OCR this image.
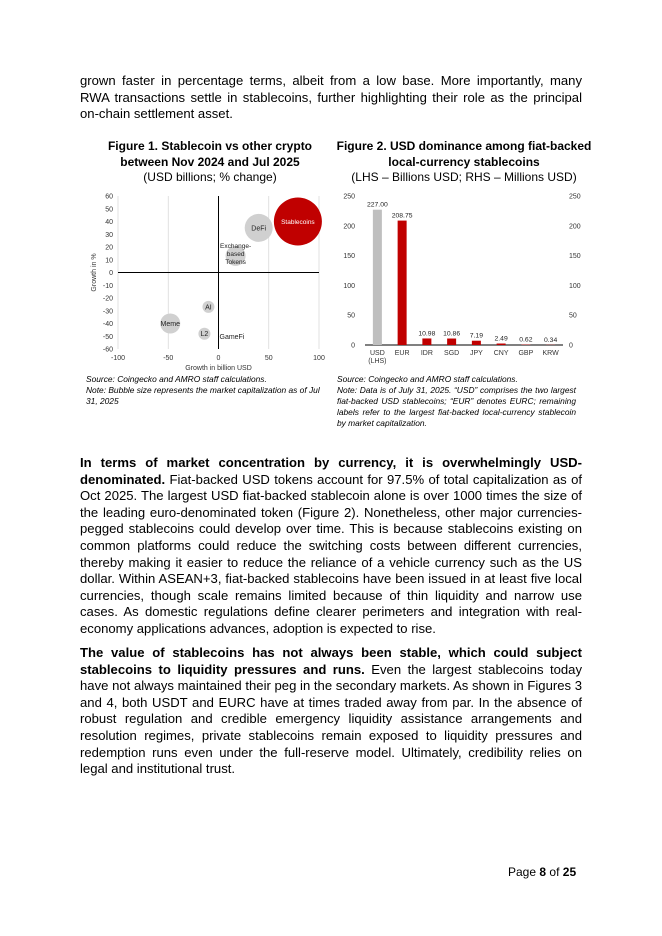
grown faster in percentage terms, albeit from a low base. More importantly, many RWA transactions settle in stablecoins, further highlighting their role as the principal on-chain settlement asset.

Figure 1. Stablecoin vs other crypto between Nov 2024 and Jul 2025
(USD billions; % change)
Figure 2. USD dominance among fiat-backed local-currency stablecoins
(LHS – Billions USD; RHS – Millions USD)
-100	-50	0	50	100
60
50
40
30
20
10
0
-10
-20
-30
-40
-50
-60
Growth in billion USD
Growth in %
Stablecoins
DeFi
Exchange-
based
Tokens
AI
Meme
L2 GameFi
250
200
150
100
50
0
250
200
150
100
50
0
227.00
USD
(LHS)
208.75
EUR
10.98
IDR
10.86
SGD
7.19
JPY
2.49
CNY
0.62
GBP
0.34
KRW
Source: Coingecko and AMRO staff calculations.
Note: Bubble size represents the market capitalization as of Jul 31, 2025
Source: Coingecko and AMRO staff calculations.
Note: Data is of July 31, 2025. “USD” comprises the two largest fiat-backed USD stablecoins; “EUR” denotes EURC; remaining labels refer to the largest fiat-backed local-currency stablecoin by market capitalization.

In terms of market concentration by currency, it is overwhelmingly USD-denominated. Fiat-backed USD tokens account for 97.5% of total capitalization as of Oct 2025. The largest USD fiat-backed stablecoin alone is over 1000 times the size of the leading euro-denominated token (Figure 2). Nonetheless, other major currencies-pegged stablecoins could develop over time. This is because stablecoins existing on common platforms could reduce the switching costs between different currencies, thereby making it easier to reduce the reliance of a vehicle currency such as the US dollar. Within ASEAN+3, fiat-backed stablecoins have been issued in at least five local currencies, though scale remains limited because of thin liquidity and narrow use cases. As domestic regulations define clearer perimeters and integration with real-economy applications advances, adoption is expected to rise.

The value of stablecoins has not always been stable, which could subject stablecoins to liquidity pressures and runs. Even the largest stablecoins today have not always maintained their peg in the secondary markets. As shown in Figures 3 and 4, both USDT and EURC have at times traded away from par. In the absence of robust regulation and credible emergency liquidity assistance arrangements and resolution regimes, private stablecoins remain exposed to liquidity pressures and redemption runs even under the full-reserve model. Ultimately, credibility relies on legal and institutional trust.

Page 8 of 25
